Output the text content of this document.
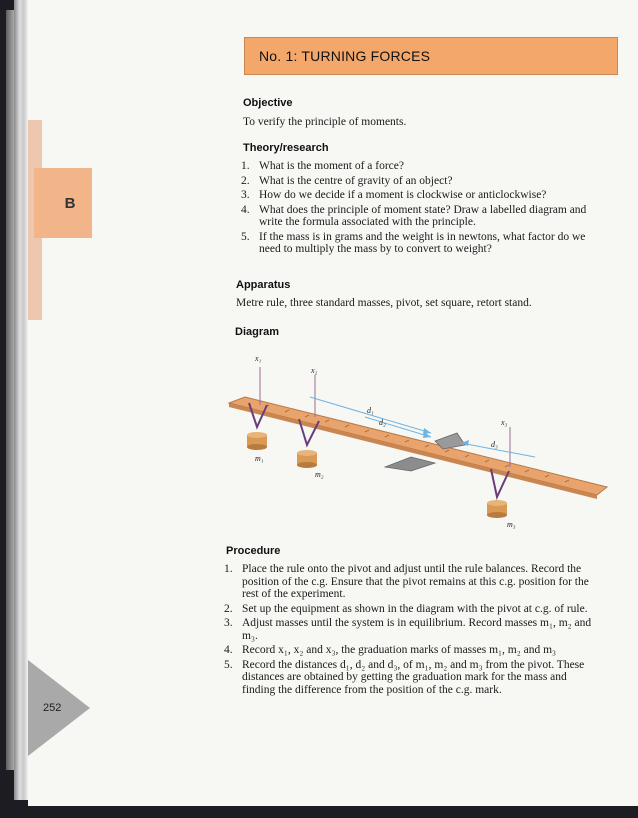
B
252
No. 1: TURNING FORCES
Objective
To verify the principle of moments.
Theory/research
1. What is the moment of a force?
2. What is the centre of gravity of an object?
3. How do we decide if a moment is clockwise or anticlockwise?
4. What does the principle of moment state? Draw a labelled diagram and write the formula associated with the principle.
5. If the mass is in grams and the weight is in newtons, what factor do we need to multiply the mass by to convert to weight?
Apparatus
Metre rule, three standard masses, pivot, set square, retort stand.
Diagram
x₁
x₂
x₃
d₁
d₂
d₃
m₁
m₂
m₃
Procedure
1. Place the rule onto the pivot and adjust until the rule balances. Record the position of the c.g. Ensure that the pivot remains at this c.g. position for the rest of the experiment.
2. Set up the equipment as shown in the diagram with the pivot at c.g. of rule.
3. Adjust masses until the system is in equilibrium. Record masses m₁, m₂ and m₃.
4. Record x₁, x₂ and x₃, the graduation marks of masses m₁, m₂ and m₃
5. Record the distances d₁, d₂ and d₃, of m₁, m₂ and m₃ from the pivot. These distances are obtained by getting the graduation mark for the mass and finding the difference from the position of the c.g. mark.
